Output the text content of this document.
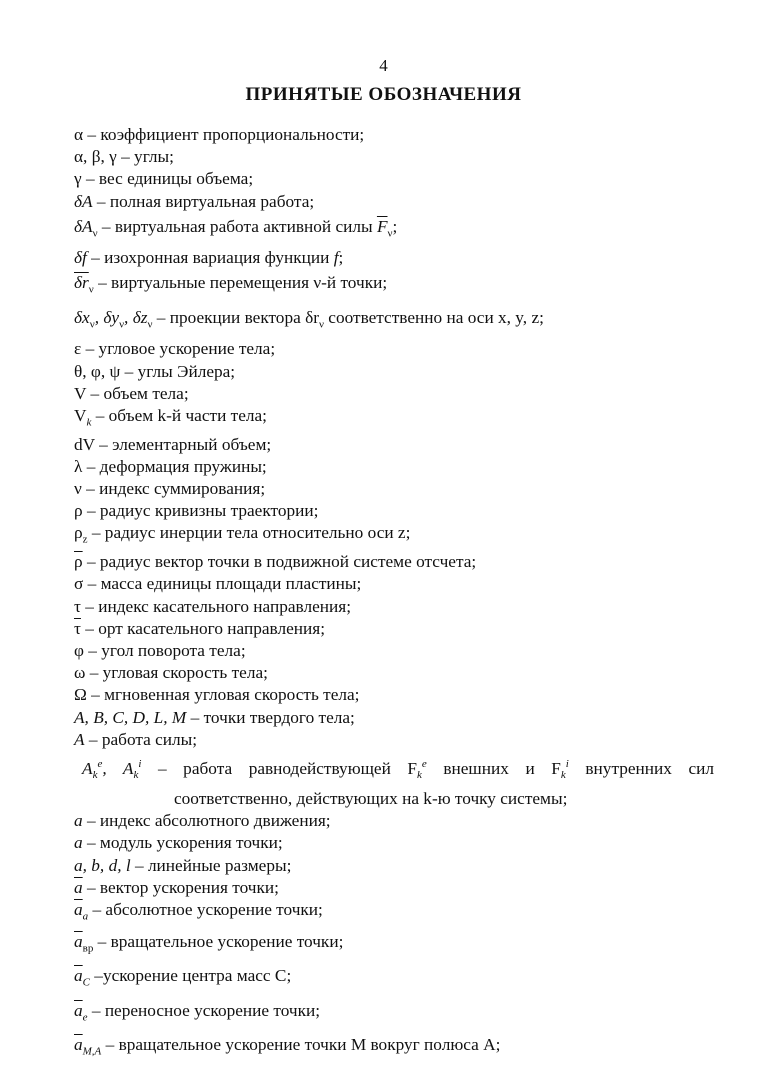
4
ПРИНЯТЫЕ ОБОЗНАЧЕНИЯ
α – коэффициент пропорциональности;
α, β, γ – углы;
γ – вес единицы объема;
δA – полная виртуальная работа;
$\delta A_\nu$ – виртуальная работа активной силы $\overline{F}_\nu$;
δf – изохронная вариация функции f;
$\overline{\delta r}_\nu$ – виртуальные перемещения ν-й точки;
$\delta x_\nu$, $\delta y_\nu$, $\delta z_\nu$ – проекции вектора $\delta r_\nu$ соответственно на оси x, y, z;
ε – угловое ускорение тела;
θ, φ, ψ – углы Эйлера;
V – объем тела;
$V_k$ – объем k-й части тела;
dV – элементарный объем;
λ – деформация пружины;
ν – индекс суммирования;
ρ – радиус кривизны траектории;
$\rho_z$ – радиус инерции тела относительно оси z;
$\overline{\rho}$ – радиус вектор точки в подвижной системе отсчета;
σ – масса единицы площади пластины;
τ – индекс касательного направления;
$\overline{\tau}$ – орт касательного направления;
φ – угол поворота тела;
ω – угловая скорость тела;
Ω – мгновенная угловая скорость тела;
A, B, C, D, L, M – точки твердого тела;
A – работа силы;
$A_k^e$, $A_k^i$ – работа равнодействующей $F_k^e$ внешних и $F_k^i$ внутренних сил
соответственно, действующих на k-ю точку системы;
a – индекс абсолютного движения;
a – модуль ускорения точки;
a, b, d, l – линейные размеры;
$\overline{a}$ – вектор ускорения точки;
$\overline{a}_a$ – абсолютное ускорение точки;
$\overline{a}_{вр}$ – вращательное ускорение точки;
$\overline{a}_C$ –ускорение центра масс C;
$\overline{a}_e$ – переносное ускорение точки;
$\overline{a}_{M,A}$ – вращательное ускорение точки M вокруг полюса A;
